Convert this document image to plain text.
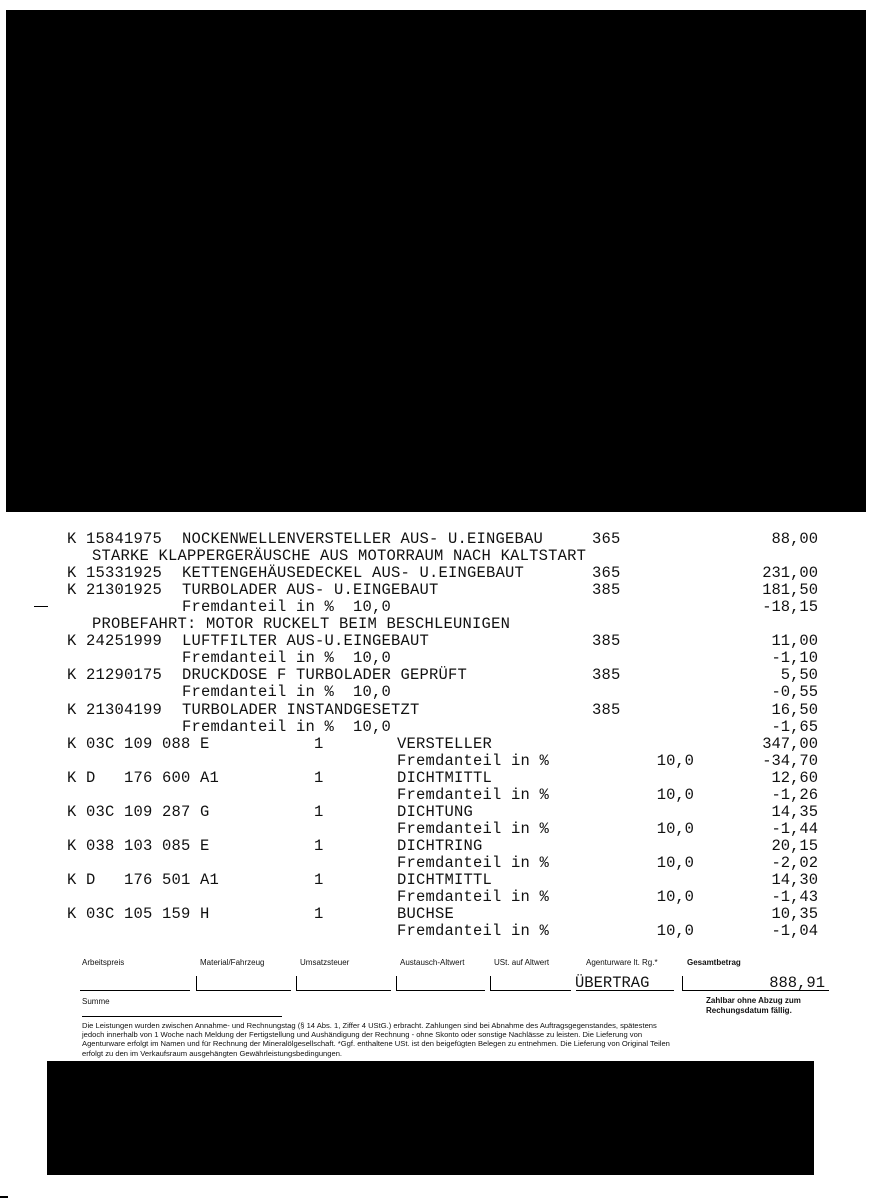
K 15841975 NOCKENWELLENVERSTELLER AUS- U.EINGEBAU	365	88,00
STARKE KLAPPERGERÄUSCHE AUS MOTORRAUM NACH KALTSTART
K 15331925 KETTENGEHÄUSEDECKEL AUS- U.EINGEBAUT	365	231,00
K 21301925 TURBOLADER AUS- U.EINGEBAUT	385	181,50
Fremdanteil in %  10,0	-18,15
PROBEFAHRT: MOTOR RUCKELT BEIM BESCHLEUNIGEN
K 24251999 LUFTFILTER AUS-U.EINGEBAUT	385	11,00
Fremdanteil in %  10,0	-1,10
K 21290175 DRUCKDOSE F TURBOLADER GEPRÜFT	385	5,50
Fremdanteil in %  10,0	-0,55
K 21304199 TURBOLADER INSTANDGESETZT	385	16,50
Fremdanteil in %  10,0	-1,65
K 03C 109 088 E	1	VERSTELLER	347,00
Fremdanteil in %	10,0	-34,70
K D   176 600 A1	1	DICHTMITTL	12,60
Fremdanteil in %	10,0	-1,26
K 03C 109 287 G	1	DICHTUNG	14,35
Fremdanteil in %	10,0	-1,44
K 038 103 085 E	1	DICHTRING	20,15
Fremdanteil in %	10,0	-2,02
K D   176 501 A1	1	DICHTMITTL	14,30
Fremdanteil in %	10,0	-1,43
K 03C 105 159 H	1	BUCHSE	10,35
Fremdanteil in %	10,0	-1,04
Arbeitspreis	Material/Fahrzeug	Umsatzsteuer	Austausch-Altwert	USt. auf Altwert	Agenturware lt. Rg.*	Gesamtbetrag
ÜBERTRAG	888,91
Summe	Zahlbar ohne Abzug zum Rechungsdatum fällig.
Die Leistungen wurden zwischen Annahme- und Rechnungstag (§ 14 Abs. 1, Ziffer 4 UStG.) erbracht. Zahlungen sind bei Abnahme des Auftragsgegenstandes, spätestens jedoch innerhalb von 1 Woche nach Meldung der Fertigstellung und Aushändigung der Rechnung - ohne Skonto oder sonstige Nachlässe zu leisten. Die Lieferung von Agenturware erfolgt im Namen und für Rechnung der Mineralölgesellschaft. *Ggf. enthaltene USt. ist den beigefügten Belegen zu entnehmen. Die Lieferung von Original Teilen erfolgt zu den im Verkaufsraum ausgehängten Gewährleistungsbedingungen.
